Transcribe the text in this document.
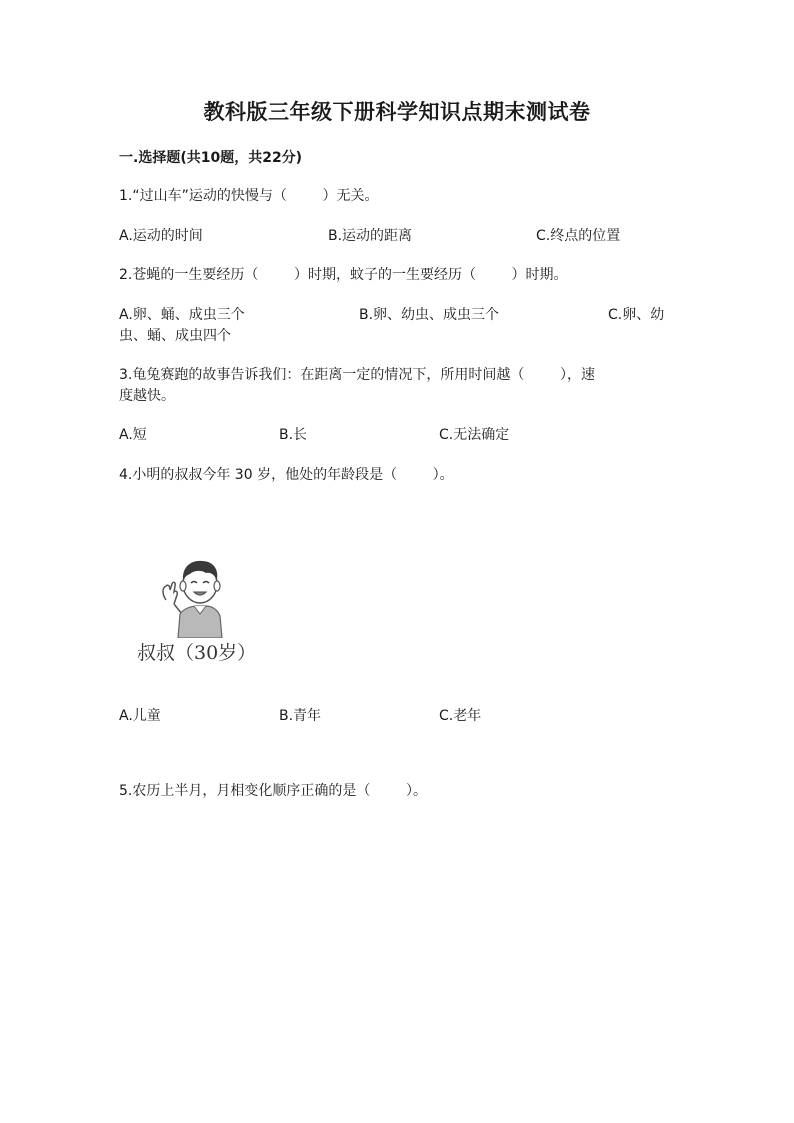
教科版三年级下册科学知识点期末测试卷
一.选择题(共10题，共22分)
1.“过山车”运动的快慢与（        ）无关。
A.运动的时间	B.运动的距离	C.终点的位置
2.苍蝇的一生要经历（        ）时期，蚊子的一生要经历（        ）时期。
A.卵、蛹、成虫三个	B.卵、幼虫、成虫三个	C.卵、幼
虫、蛹、成虫四个
3.龟兔赛跑的故事告诉我们：在距离一定的情况下，所用时间越（        ），速
度越快。
A.短	B.长	C.无法确定
4.小明的叔叔今年 30 岁，他处的年龄段是（        ）。
叔叔（30岁）
A.儿童	B.青年	C.老年
5.农历上半月，月相变化顺序正确的是（        ）。
